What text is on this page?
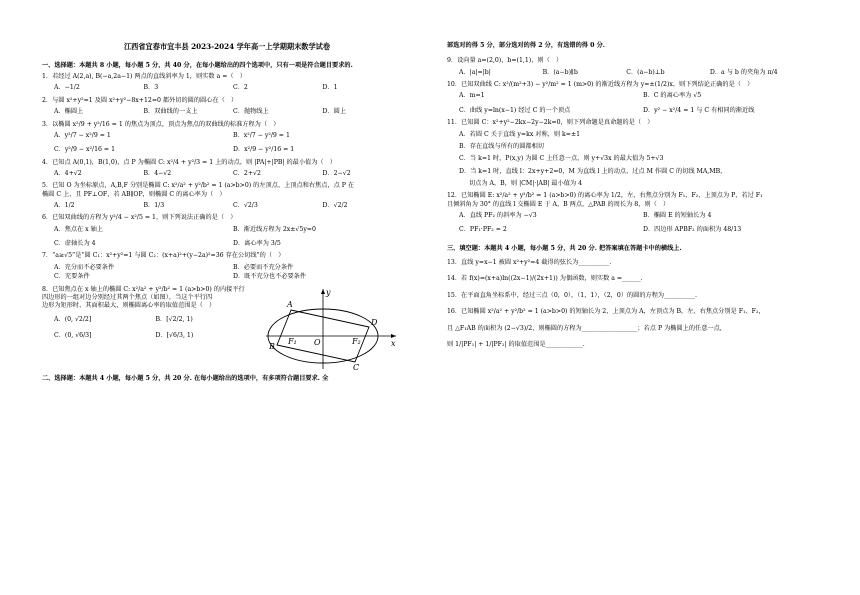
江西省宜春市宜丰县 2023-2024 学年高一上学期期末数学试卷
一、选择题：本题共 8 小题，每小题 5 分，共 40 分，在每小题给出的四个选项中，只有一项是符合题目要求的.

1．若经过 A(2,a), B(−a,2a−1) 两点的直线斜率为 1，则实数 a =（　）

A．−1/2	B．3	C．2	D．1

2．与圆 x²+y²=1 及圆 x²+y²−8x+12=0 都外切的圆的圆心在（　）

A．椭圆上	B．双曲线的一支上	C．抛物线上	D．圆上

3．以椭圆 x²/9 + y²/16 = 1 的焦点为顶点，顶点为焦点的双曲线的标准方程为（　）

A．y²/7 − x²/9 = 1	B．x²/7 − y²/9 = 1
C．y²/9 − x²/16 = 1	D．x²/9 − y²/16 = 1

4．已知点 A(0,1)，B(1,0)，点 P 为椭圆 C: x²/4 + y²/3 = 1 上的动点，则 |PA|+|PB| 的最小值为（　）

A．4+√2	B．4−√2	C．2+√2	D．2−√2

5．已知 O 为坐标原点，A,B,F 分别是椭圆 C: x²/a² + y²/b² = 1 (a>b>0) 的左顶点、上顶点和右焦点，点 P 在

椭圆 C 上，且 PF⊥OF，若 AB∥OP，则椭圆 C 的离心率为（　）

A．1/2	B．1/3	C．√2/3	D．√2/2

6．已知双曲线的方程为 y²/4 − x²/5 = 1，则下列说法正确的是（　）

A．焦点在 x 轴上	B．渐近线方程为 2x±√5y=0
C．虚轴长为 4	D．离心率为 3/5

7．“a≥√5”是“圆 C₁：x²+y²=1 与圆 C₂：(x+a)²+(y−2a)²=36 存在公切线”的（　）

A．充分而不必要条件	B．必要而不充分条件
C．充要条件	D．既不充分也不必要条件

8．已知焦点在 x 轴上的椭圆 C: x²/a² + y²/b² = 1 (a>b>0) 的内接平行

四边形的一组对边分别经过其两个焦点（如图），当这个平行四

边形为矩形时，其面积最大，则椭圆离心率的取值范围是（　）

A．(0, √2/2]	B．[√2/2, 1)
C．(0, √6/3]	D．[√6/3, 1)
A
D
C
B	O
F₁	F₂	x
y
二、选择题：本题共 4 小题，每小题 5 分，共 20 分. 在每小题给出的选项中，有多项符合题目要求. 全
部选对的得 5 分，部分选对的得 2 分，有选错的得 0 分.

9．设向量 a=(2,0)，b=(1,1)，则（　）

A．|a|=|b|	B．(a−b)∥b	C．(a−b)⊥b	D．a 与 b 的夹角为 π/4

10．已知双曲线 C: x²/(m²+3) − y²/m² = 1 (m>0) 的渐近线方程为 y=±(1/2)x，则下列结论正确的是（　）

A．m=1	B．C 的离心率为 √5
C．曲线 y=ln(x−1) 经过 C 的一个顶点	D．y² − x²/4 = 1 与 C 有相同的渐近线

11．已知圆 C：x²+y²−2kx−2y−2k=0，则下列命题是真命题的是（　）

A．若圆 C 关于直线 y=kx 对称，则 k=±1
B．存在直线与所有的圆都相切
C．当 k=1 时，P(x,y) 为圆 C 上任意一点，则 y+√3x 的最大值为 5+√3
D．当 k=1 时，直线 l：2x+y+2=0，M 为直线 l 上的动点，过点 M 作圆 C 的切线 MA,MB，
切点为 A，B，则 |CM|·|AB| 最小值为 4

12．已知椭圆 E: x²/a² + y²/b² = 1 (a>b>0) 的离心率为 1/2，左、右焦点分别为 F₁，F₂，上顶点为 P，若过 F₁

且倾斜角为 30° 的直线 l 交椭圆 E 于 A，B 两点，△PAB 的周长为 8，则（　）

A．直线 PF₂ 的斜率为 −√3	B．椭圆 E 的短轴长为 4
C．PF₁·PF₂ = 2	D．四边形 APBF₂ 的面积为 48/13
三、填空题：本题共 4 小题，每小题 5 分，共 20 分. 把答案填在答题卡中的横线上.
13．直线 y=x−1 被圆 x²+y²=4 截得的弦长为__________.
14．若 f(x)=(x+a)ln((2x−1)/(2x+1)) 为偶函数，则实数 a =______.
15．在平面直角坐标系中，经过三点（0，0），（1，1），（2，0）的圆的方程为__________.

16．已知椭圆 x²/a² + y²/b² = 1 (a>b>0) 的短轴长为 2，上顶点为 A，左顶点为 B，左、右焦点分别是 F₁、F₂，

且 △F₁AB 的面积为 (2−√3)/2，则椭圆的方程为__________________；若点 P 为椭圆上的任意一点，

则 1/|PF₁| + 1/|PF₂| 的取值范围是____________.
